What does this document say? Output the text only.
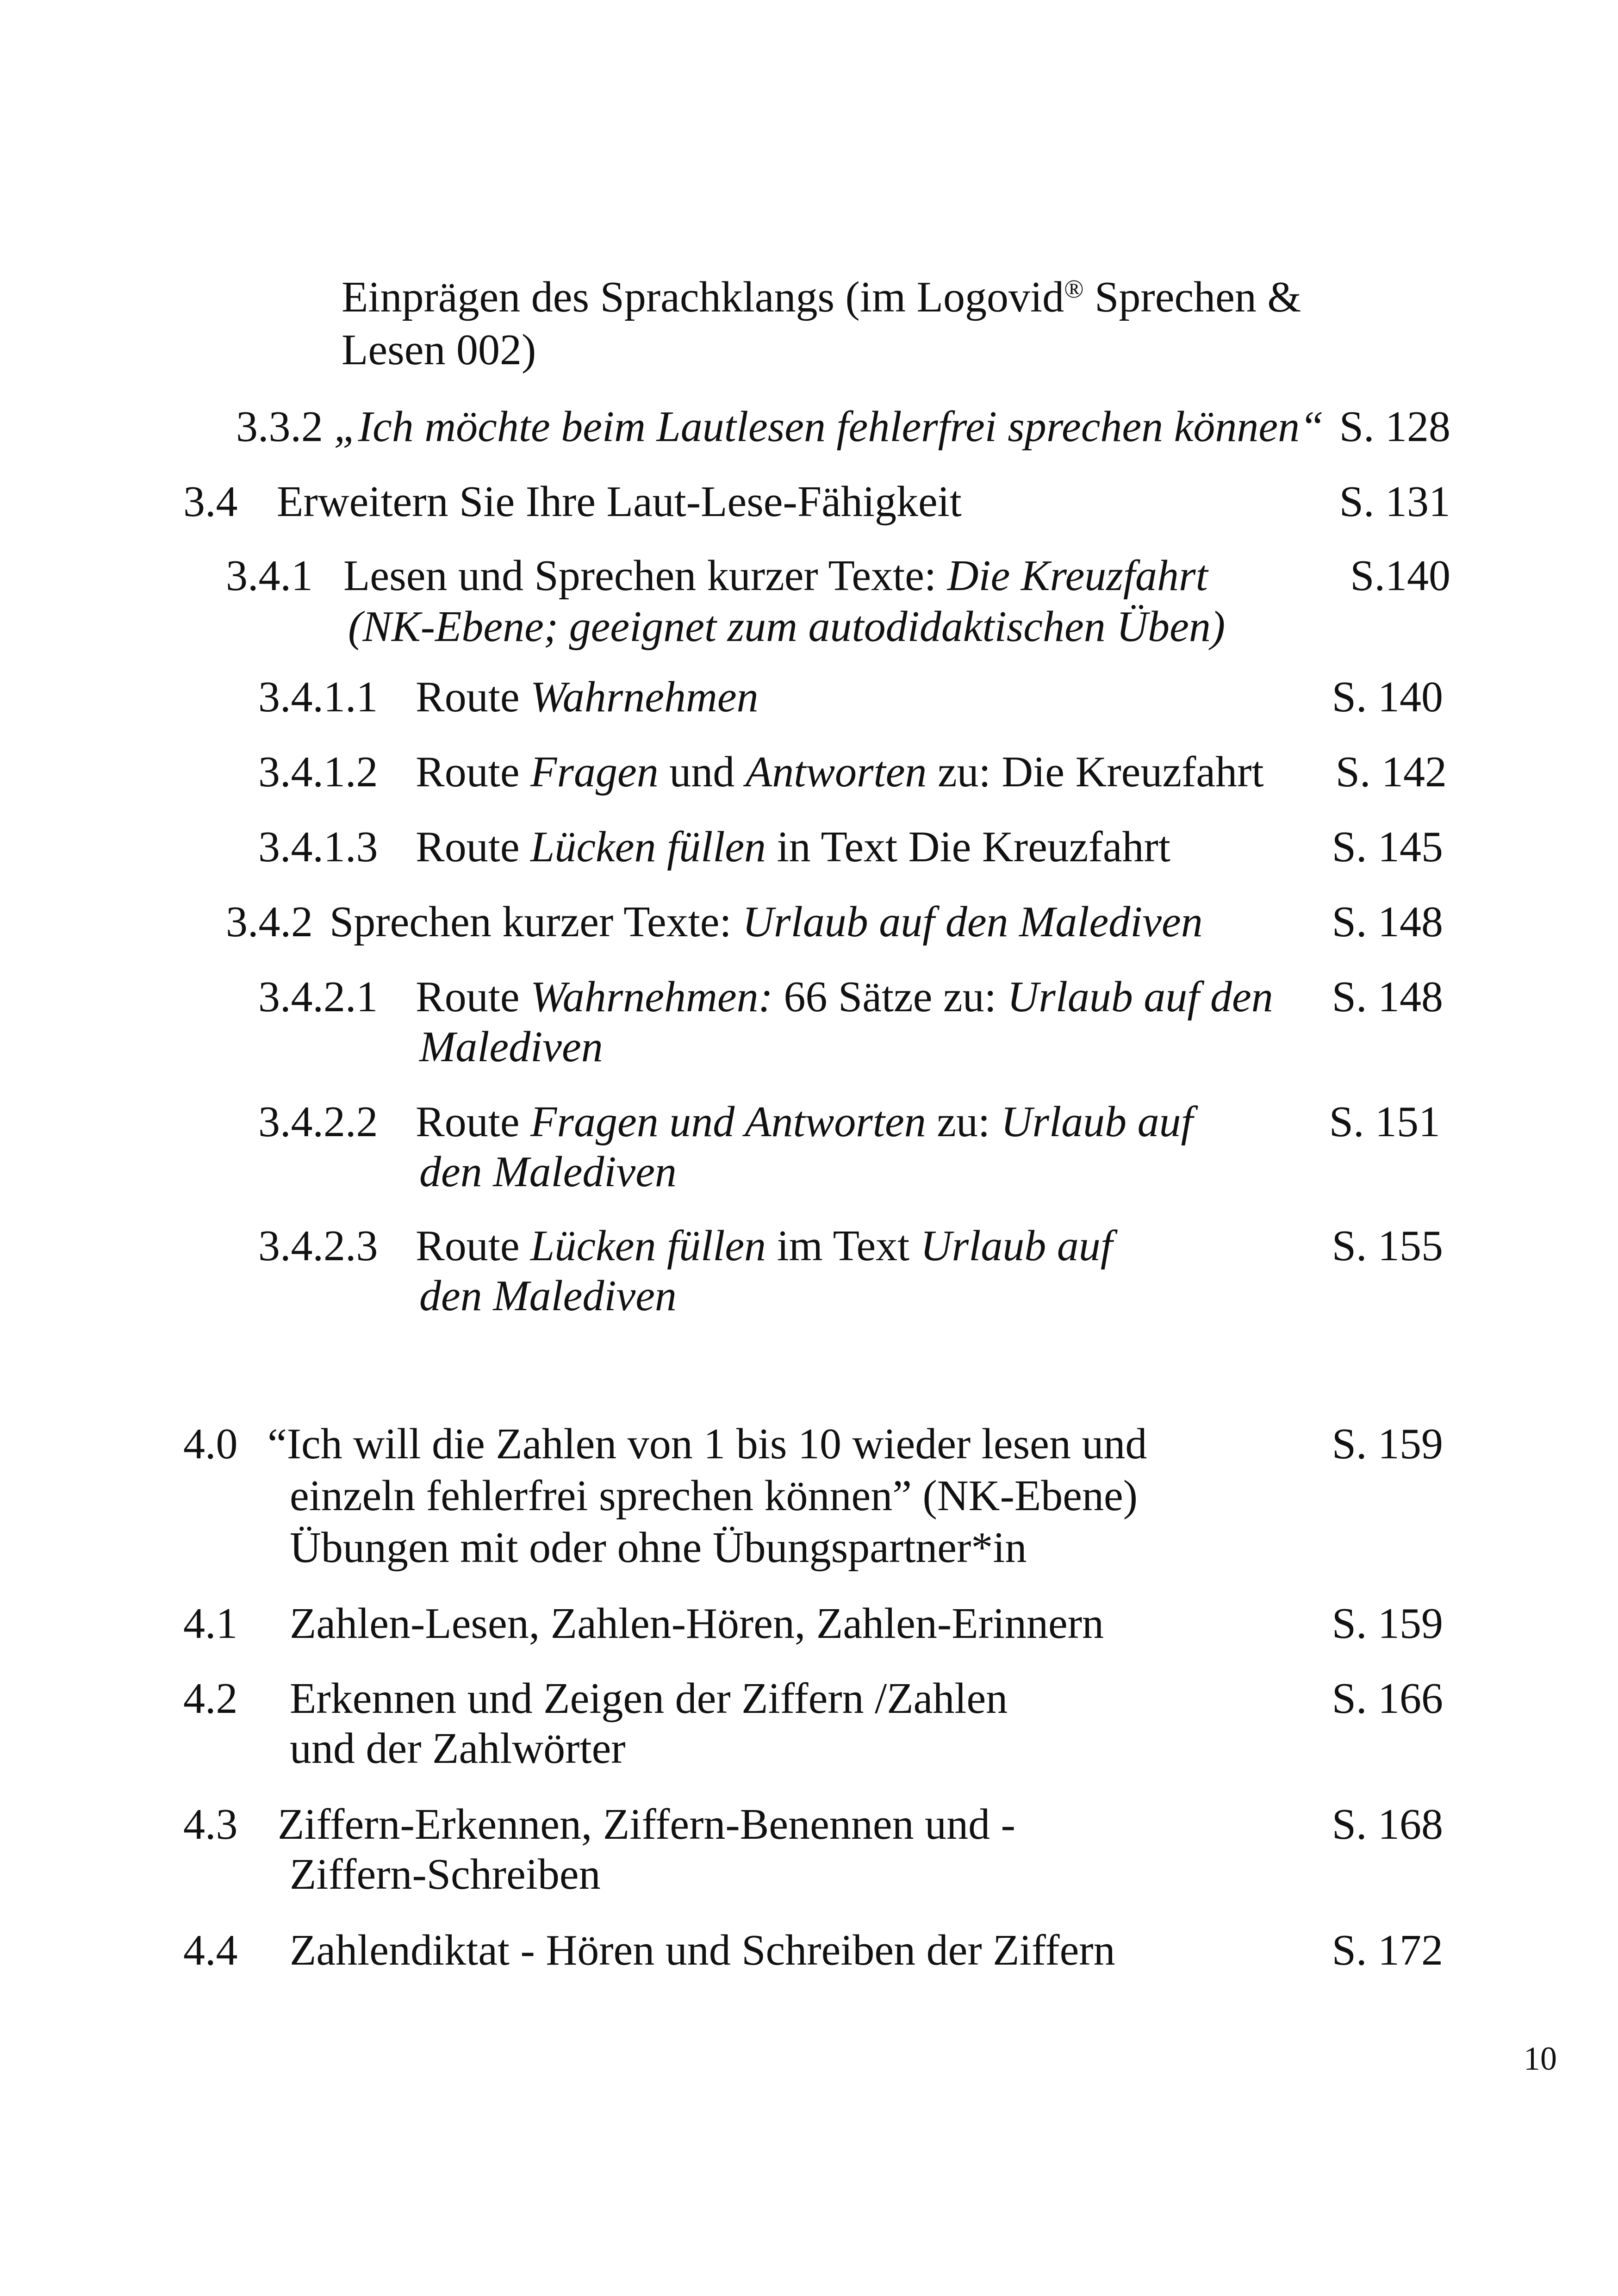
Einprägen des Sprachklangs (im Logovid® Sprechen &
Lesen 002)
3.3.2 „Ich möchte beim Lautlesen fehlerfrei sprechen können“ S. 128
3.4 Erweitern Sie Ihre Laut-Lese-Fähigkeit	S. 131
3.4.1 Lesen und Sprechen kurzer Texte: Die Kreuzfahrt
(NK-Ebene; geeignet zum autodidaktischen Üben)
S.140
3.4.1.1 Route Wahrnehmen	S. 140
3.4.1.2 Route Fragen und Antworten zu: Die Kreuzfahrt S. 142
3.4.1.3 Route Lücken füllen in Text Die Kreuzfahrt	S. 145
3.4.2 Sprechen kurzer Texte: Urlaub auf den Malediven	S. 148
3.4.2.1 Route Wahrnehmen: 66 Sätze zu: Urlaub auf den
Malediven
S. 148
3.4.2.2 Route Fragen und Antworten zu: Urlaub auf
den Malediven
S. 151
3.4.2.3 Route Lücken füllen im Text Urlaub auf
den Malediven
S. 155
4.0 “Ich will die Zahlen von 1 bis 10 wieder lesen und
einzeln fehlerfrei sprechen können” (NK-Ebene)
Übungen mit oder ohne Übungspartner*in
S. 159
4.1 Zahlen-Lesen, Zahlen-Hören, Zahlen-Erinnern	S. 159
4.2 Erkennen und Zeigen der Ziffern /Zahlen
und der Zahlwörter
S. 166
4.3 Ziffern-Erkennen, Ziffern-Benennen und -
Ziffern-Schreiben
S. 168
4.4 Zahlendiktat - Hören und Schreiben der Ziffern	S. 172
10
